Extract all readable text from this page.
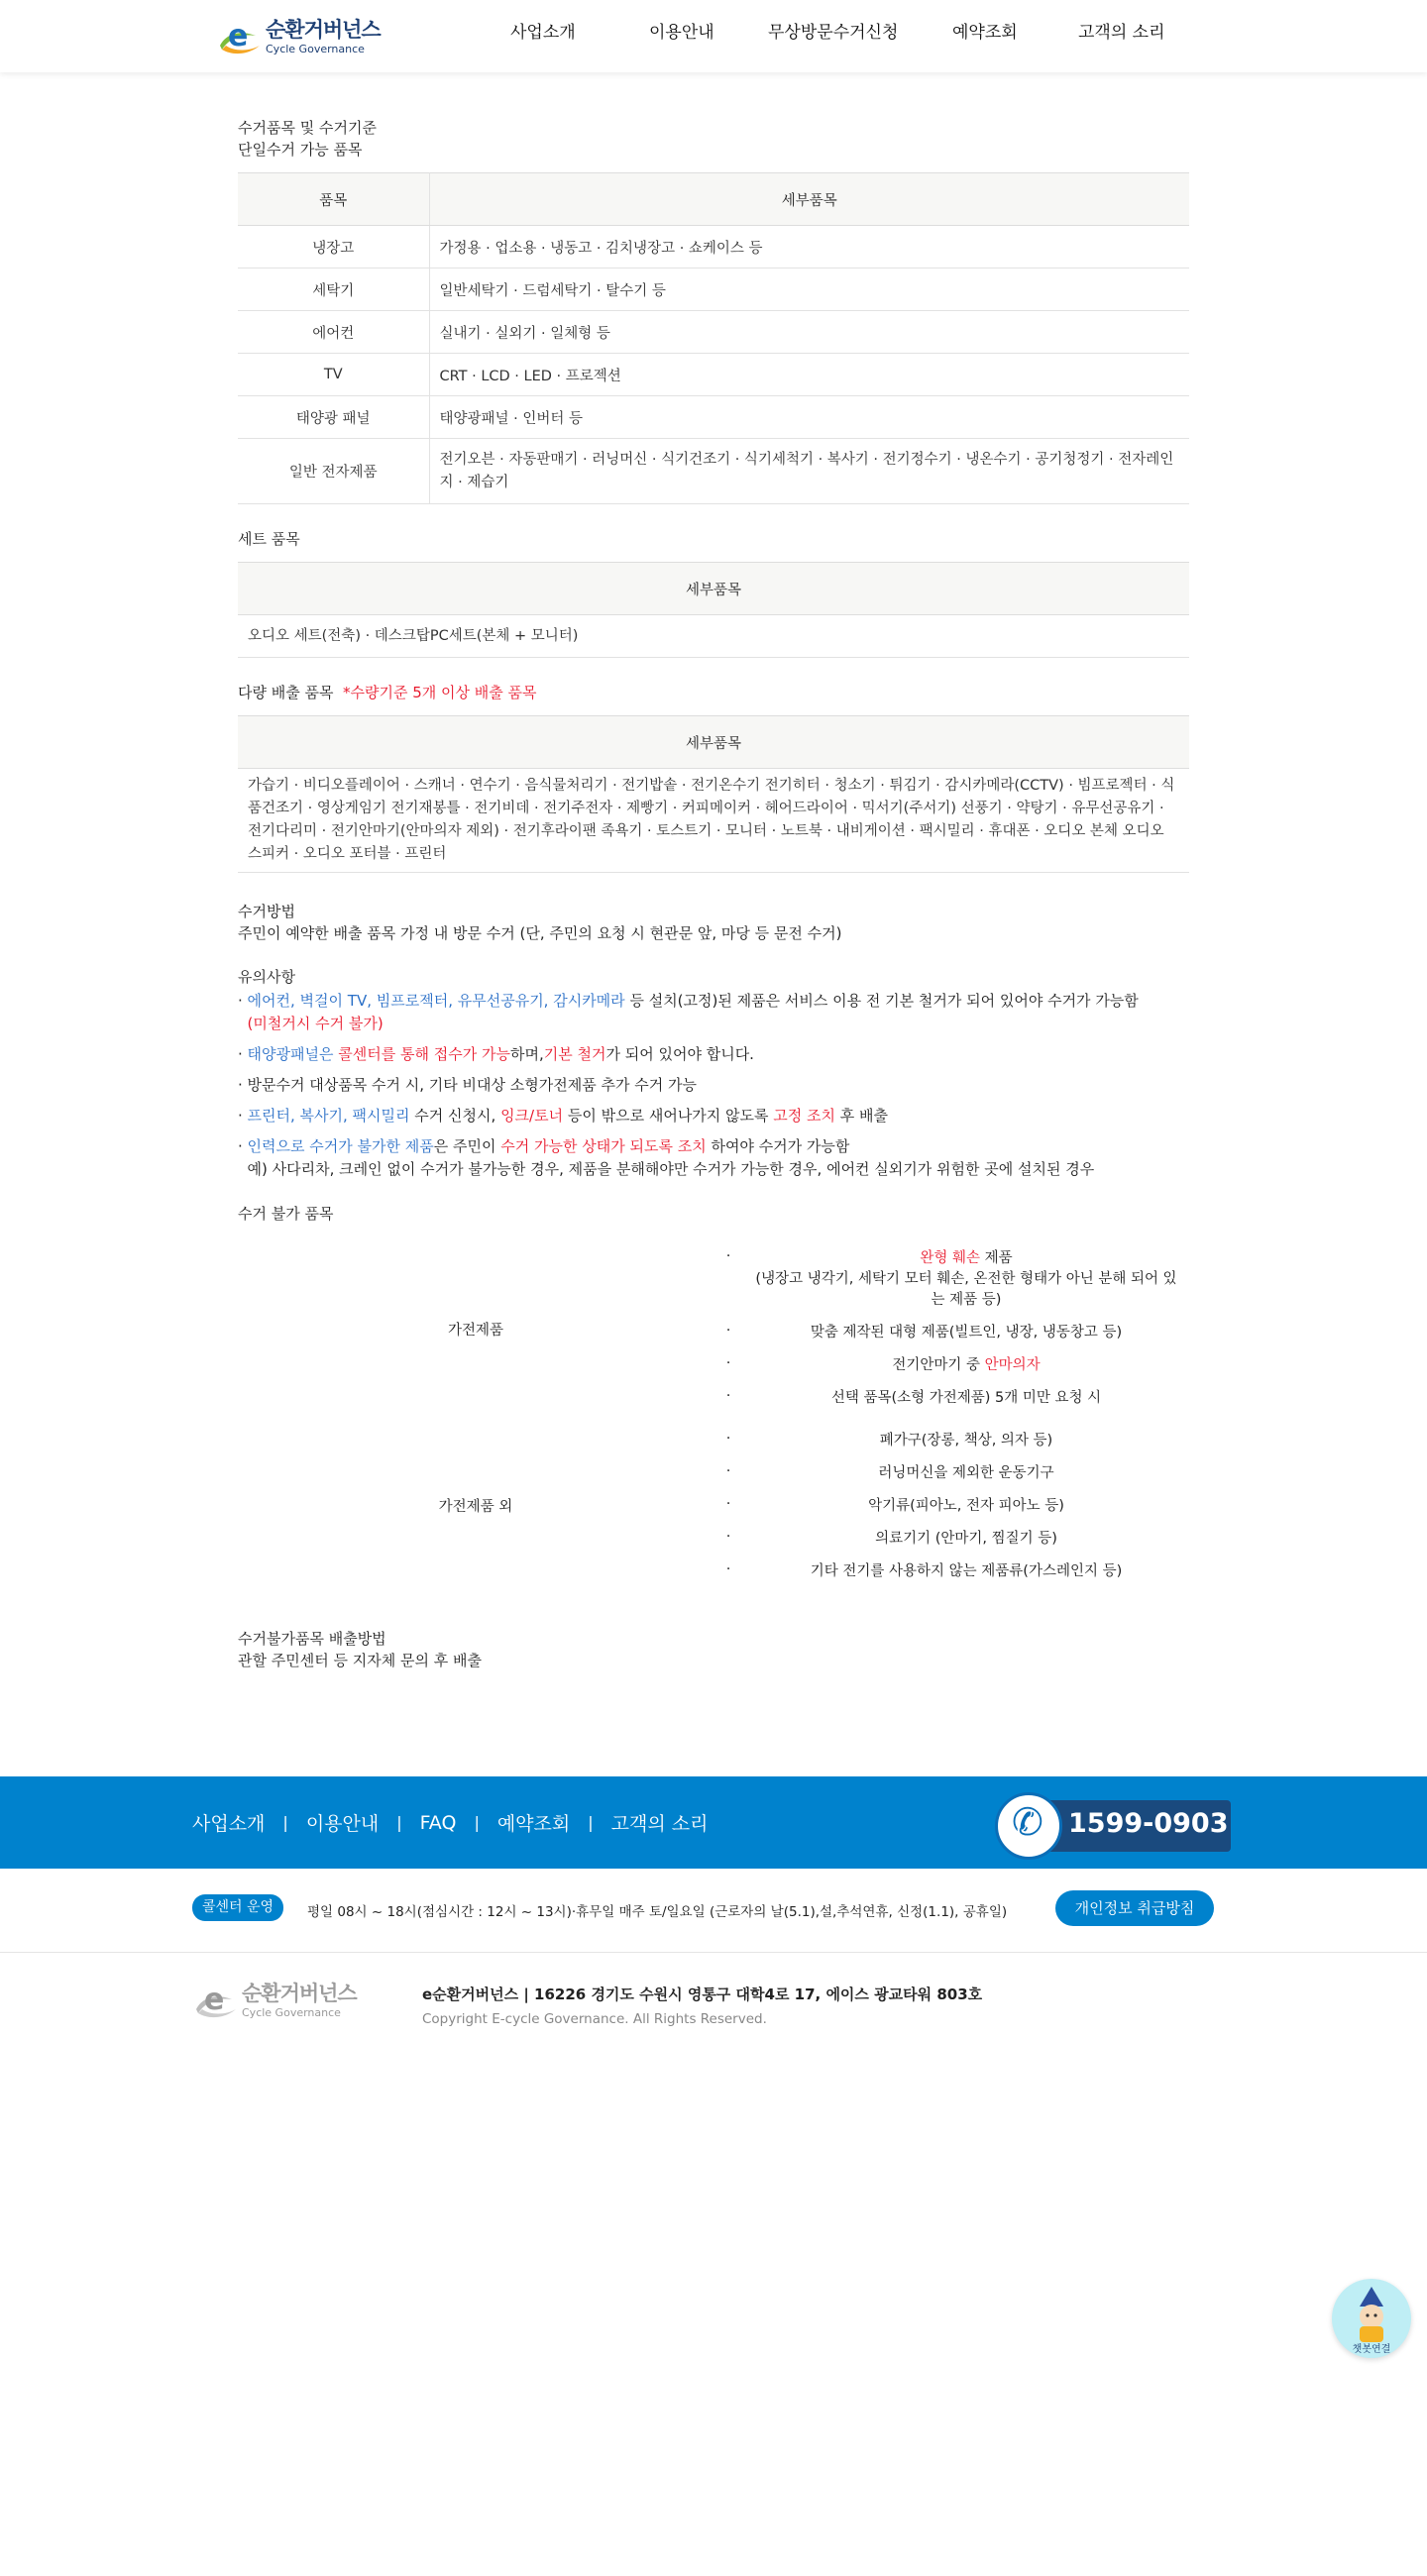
e 순환거버넌스
Cycle Governance
사업소개	이용안내	무상방문수거신청	예약조회	고객의 소리
수거품목 및 수거기준
단일수거 가능 품목
품목	세부품목
냉장고	가정용 · 업소용 · 냉동고 · 김치냉장고 · 쇼케이스 등
세탁기	일반세탁기 · 드럼세탁기 · 탈수기 등
에어컨	실내기 · 실외기 · 일체형 등
TV	CRT · LCD · LED · 프로젝션
태양광 패널	태양광패널 · 인버터 등
일반 전자제품	전기오븐 · 자동판매기 · 러닝머신 · 식기건조기 · 식기세척기 · 복사기 · 전기정수기 · 냉온수기 · 공기청정기 · 전자레인지 · 제습기
세트 품목
세부품목
오디오 세트(전축) · 데스크탑PC세트(본체 + 모니터)
다량 배출 품목 *수량기준 5개 이상 배출 품목
세부품목
가습기 · 비디오플레이어 · 스캐너 · 연수기 · 음식물처리기 · 전기밥솥 · 전기온수기 전기히터 · 청소기 · 튀김기 · 감시카메라(CCTV) · 빔프로젝터 · 식품건조기 · 영상게임기 전기재봉틀 · 전기비데 · 전기주전자 · 제빵기 · 커피메이커 · 헤어드라이어 · 믹서기(주서기) 선풍기 · 약탕기 · 유무선공유기 · 전기다리미 · 전기안마기(안마의자 제외) · 전기후라이팬 족욕기 · 토스트기 · 모니터 · 노트북 · 내비게이션 · 팩시밀리 · 휴대폰 · 오디오 본체 오디오 스피커 · 오디오 포터블 · 프린터
수거방법
주민이 예약한 배출 품목 가정 내 방문 수거 (단, 주민의 요청 시 현관문 앞, 마당 등 문전 수거)
유의사항

· 에어컨, 벽걸이 TV, 빔프로젝터, 유무선공유기, 감시카메라 등 설치(고정)된 제품은 서비스 이용 전 기본 철거가 되어 있어야 수거가 가능함
(미철거시 수거 불가)

· 태양광패널은 콜센터를 통해 접수가 가능하며,기본 철거가 되어 있어야 합니다.

· 방문수거 대상품목 수거 시, 기타 비대상 소형가전제품 추가 수거 가능

· 프린터, 복사기, 팩시밀리 수거 신청시, 잉크/토너 등이 밖으로 새어나가지 않도록 고정 조치 후 배출

· 인력으로 수거가 불가한 제품은 주민이 수거 가능한 상태가 되도록 조치 하여야 수거가 가능함
예) 사다리차, 크레인 없이 수거가 불가능한 경우, 제품을 분해해야만 수거가 가능한 경우, 에어컨 실외기가 위험한 곳에 설치된 경우

수거 불가 품목
가전제품	·	완형 훼손 제품
(냉장고 냉각기, 세탁기 모터 훼손, 온전한 형태가 아닌 분해 되어 있는 제품 등)
	·	맞춤 제작된 대형 제품(빌트인, 냉장, 냉동창고 등)
	·	전기안마기 중 안마의자
	·	선택 품목(소형 가전제품) 5개 미만 요청 시
가전제품 외	·	폐가구(장롱, 책상, 의자 등)
	·	러닝머신을 제외한 운동기구
	·	악기류(피아노, 전자 피아노 등)
	·	의료기기 (안마기, 찜질기 등)
	·	기타 전기를 사용하지 않는 제품류(가스레인지 등)
수거불가품목 배출방법
관할 주민센터 등 지자체 문의 후 배출
사업소개 | 이용안내 | FAQ | 예약조회 | 고객의 소리	✆ 1599-0903
콜센터 운영	평일 08시 ~ 18시(점심시간 : 12시 ~ 13시)·휴무일 매주 토/일요일 (근로자의 날(5.1),설,추석연휴, 신정(1.1), 공휴일)	개인정보 취급방침
e 순환거버넌스
Cycle Governance
e순환거버넌스 | 16226 경기도 수원시 영통구 대학4로 17, 에이스 광교타워 803호
Copyright E-cycle Governance. All Rights Reserved.
챗봇연결
